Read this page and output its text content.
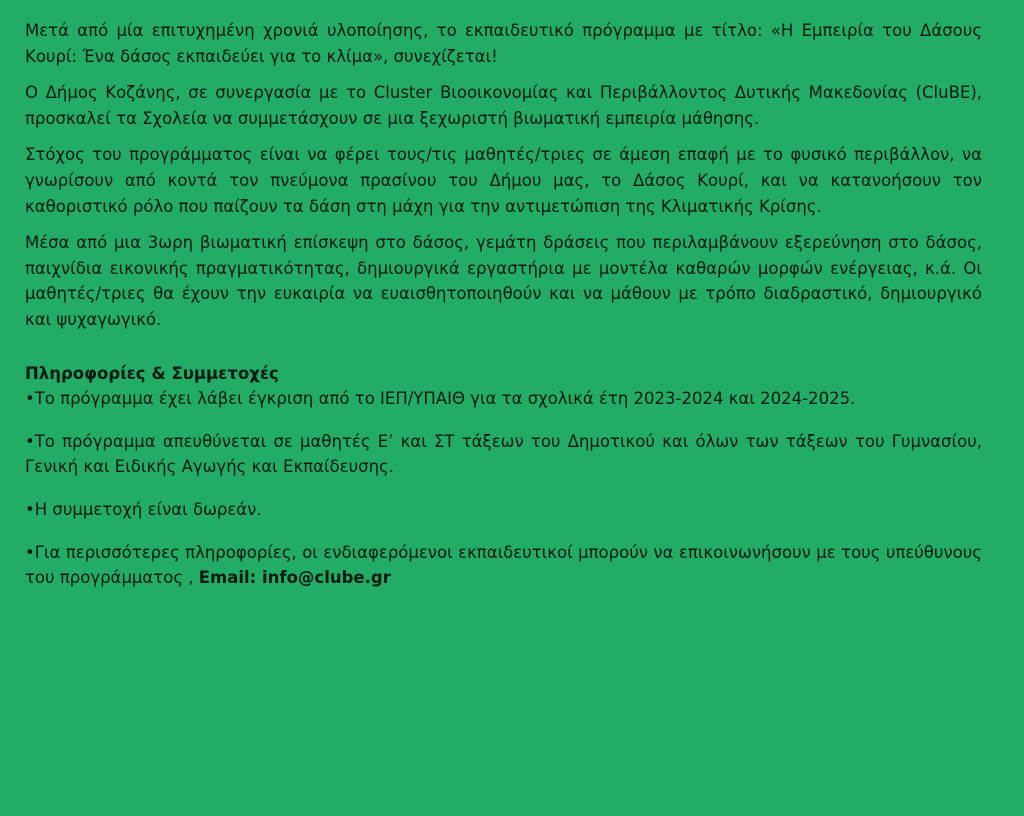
Μετά από μία επιτυχημένη χρονιά υλοποίησης, το εκπαιδευτικό πρόγραμμα με τίτλο: «Η Εμπειρία του Δάσους Κουρί: Ένα δάσος εκπαιδεύει για το κλίμα», συνεχίζεται!

Ο Δήμος Κοζάνης, σε συνεργασία με το Cluster Βιοοικονομίας και Περιβάλλοντος Δυτικής Μακεδονίας (CluBE), προσκαλεί τα Σχολεία να συμμετάσχουν σε μια ξεχωριστή βιωματική εμπειρία μάθησης.

Στόχος του προγράμματος είναι να φέρει τους/τις μαθητές/τριες σε άμεση επαφή με το φυσικό περιβάλλον, να γνωρίσουν από κοντά τον πνεύμονα πρασίνου του Δήμου μας, το Δάσος Κουρί, και να κατανοήσουν τον καθοριστικό ρόλο που παίζουν τα δάση στη μάχη για την αντιμετώπιση της Κλιματικής Κρίσης.

Μέσα από μια 3ωρη βιωματική επίσκεψη στο δάσος, γεμάτη δράσεις που περιλαμβάνουν εξερεύνηση στο δάσος, παιχνίδια εικονικής πραγματικότητας, δημιουργικά εργαστήρια με μοντέλα καθαρών μορφών ενέργειας, κ.ά. Οι μαθητές/τριες θα έχουν την ευκαιρία να ευαισθητοποιηθούν και να μάθουν με τρόπο διαδραστικό, δημιουργικό και ψυχαγωγικό.

Πληροφορίες & Συμμετοχές

•Το πρόγραμμα έχει λάβει έγκριση από το ΙΕΠ/ΥΠΑΙΘ για τα σχολικά έτη 2023-2024 και 2024-2025.

•Το πρόγραμμα απευθύνεται σε μαθητές Ε’ και ΣΤ τάξεων του Δημοτικού και όλων των τάξεων του Γυμνασίου, Γενική και Ειδικής Αγωγής και Εκπαίδευσης.

•Η συμμετοχή είναι δωρεάν.

•Για περισσότερες πληροφορίες, οι ενδιαφερόμενοι εκπαιδευτικοί μπορούν να επικοινωνήσουν με τους υπεύθυνους του προγράμματος , Email: info@clube.gr
